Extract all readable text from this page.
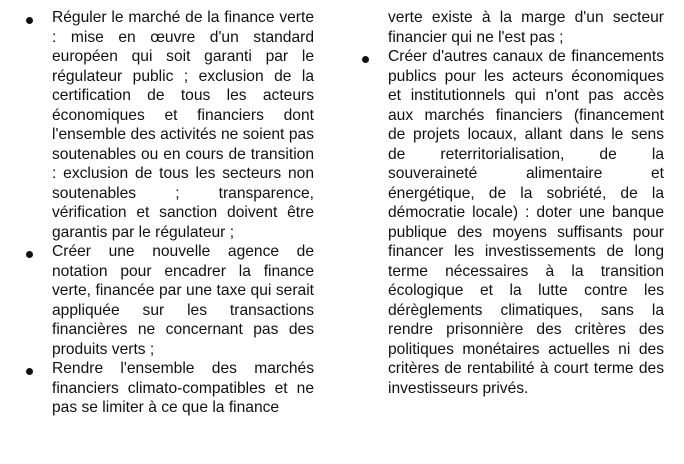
Réguler le marché de la finance verte : mise en œuvre d'un standard européen qui soit garanti par le régulateur public ; exclusion de la certification de tous les acteurs économiques et financiers dont l'ensemble des activités ne soient pas soutenables ou en cours de transition : exclusion de tous les secteurs non soutenables ; transparence, vérification et sanction doivent être garantis par le régulateur ;
Créer une nouvelle agence de notation pour encadrer la finance verte, financée par une taxe qui serait appliquée sur les transactions financières ne concernant pas des produits verts ;
Rendre l'ensemble des marchés financiers climato-compatibles et ne pas se limiter à ce que la finance
verte existe à la marge d'un secteur financier qui ne l'est pas ;
Créer d'autres canaux de financements publics pour les acteurs économiques et institutionnels qui n'ont pas accès aux marchés financiers (financement de projets locaux, allant dans le sens de reterritorialisation, de la souveraineté alimentaire et énergétique, de la sobriété, de la démocratie locale) : doter une banque publique des moyens suffisants pour financer les investissements de long terme nécessaires à la transition écologique et la lutte contre les dérèglements climatiques, sans la rendre prisonnière des critères des politiques monétaires actuelles ni des critères de rentabilité à court terme des investisseurs privés.
